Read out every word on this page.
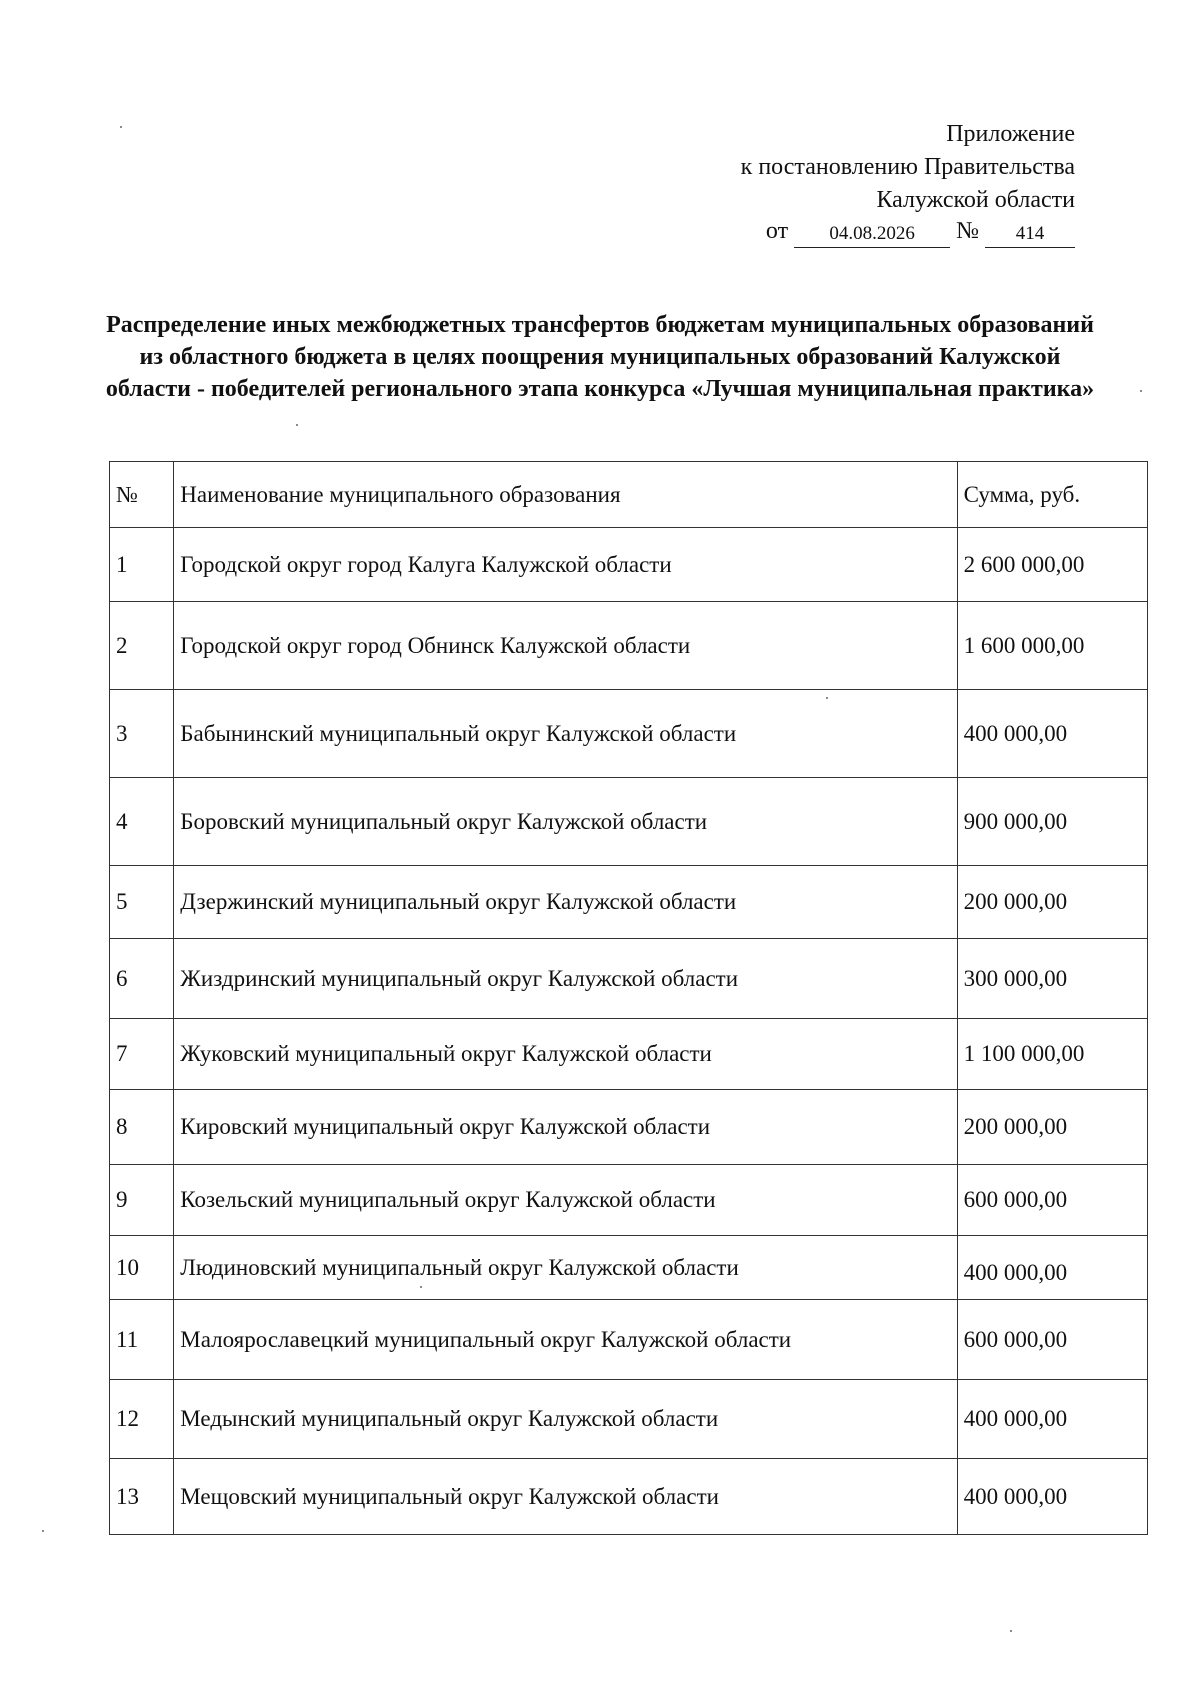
Приложение
к постановлению Правительства
Калужской области
от	04.08.2026	№	414
Распределение иных межбюджетных трансфертов бюджетам муниципальных образований из областного бюджета в целях поощрения муниципальных образований Калужской области - победителей регионального этапа конкурса «Лучшая муниципальная практика»
№	Наименование муниципального образования	Сумма, руб.
1	Городской округ город Калуга Калужской области	2 600 000,00
2	Городской округ город Обнинск Калужской области	1 600 000,00
3	Бабынинский муниципальный округ Калужской области	400 000,00
4	Боровский муниципальный округ Калужской области	900 000,00
5	Дзержинский муниципальный округ Калужской области	200 000,00
6	Жиздринский муниципальный округ Калужской области	300 000,00
7	Жуковский муниципальный округ Калужской области	1 100 000,00
8	Кировский муниципальный округ Калужской области	200 000,00
9	Козельский муниципальный округ Калужской области	600 000,00
10	Людиновский муниципальный округ Калужской области	400 000,00
11	Малоярославецкий муниципальный округ Калужской области	600 000,00
12	Медынский муниципальный округ Калужской области	400 000,00
13	Мещовский муниципальный округ Калужской области	400 000,00
